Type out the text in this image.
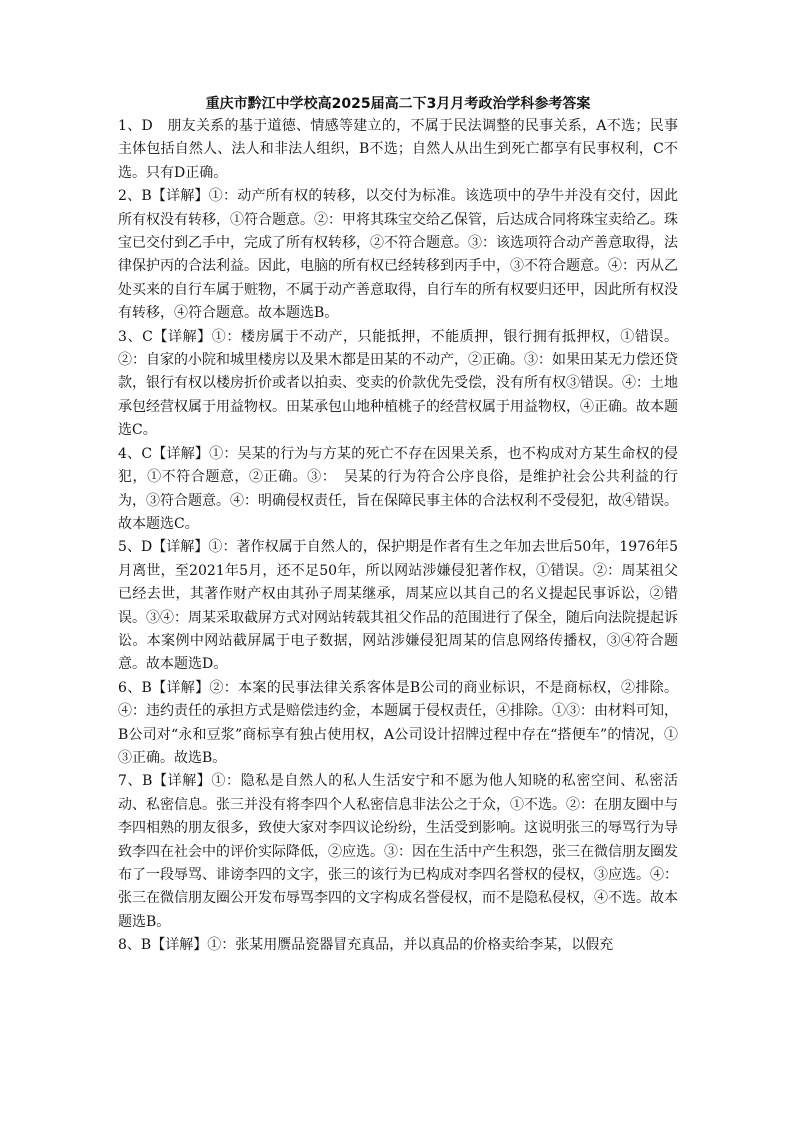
重庆市黔江中学校高2025届高二下3月月考政治学科参考答案

1、D　朋友关系的基于道德、情感等建立的，不属于民法调整的民事关系，A不选；民事主体包括自然人、法人和非法人组织，B不选；自然人从出生到死亡都享有民事权利，C不选。只有D正确。

2、B【详解】①：动产所有权的转移，以交付为标准。该选项中的孕牛并没有交付，因此所有权没有转移，①符合题意。②：甲将其珠宝交给乙保管，后达成合同将珠宝卖给乙。珠宝已交付到乙手中，完成了所有权转移，②不符合题意。③：该选项符合动产善意取得，法律保护丙的合法利益。因此，电脑的所有权已经转移到丙手中，③不符合题意。④：丙从乙处买来的自行车属于赃物，不属于动产善意取得，自行车的所有权要归还甲，因此所有权没有转移，④符合题意。故本题选B。

3、C【详解】①：楼房属于不动产，只能抵押，不能质押，银行拥有抵押权，①错误。②：自家的小院和城里楼房以及果木都是田某的不动产，②正确。③：如果田某无力偿还贷款，银行有权以楼房折价或者以拍卖、变卖的价款优先受偿，没有所有权③错误。④：土地承包经营权属于用益物权。田某承包山地种植桃子的经营权属于用益物权，④正确。故本题选C。

4、C【详解】①：吴某的行为与方某的死亡不存在因果关系，也不构成对方某生命权的侵犯，①不符合题意，②正确。③：　吴某的行为符合公序良俗，是维护社会公共利益的行为，③符合题意。④：明确侵权责任，旨在保障民事主体的合法权利不受侵犯，故④错误。故本题选C。

5、D【详解】①：著作权属于自然人的，保护期是作者有生之年加去世后50年，1976年5月离世，至2021年5月，还不足50年，所以网站涉嫌侵犯著作权，①错误。②：周某祖父已经去世，其著作财产权由其孙子周某继承，周某应以其自己的名义提起民事诉讼，②错误。③④：周某采取截屏方式对网站转载其祖父作品的范围进行了保全，随后向法院提起诉讼。本案例中网站截屏属于电子数据，网站涉嫌侵犯周某的信息网络传播权，③④符合题意。故本题选D。

6、B【详解】②：本案的民事法律关系客体是B公司的商业标识，不是商标权，②排除。④：违约责任的承担方式是赔偿违约金，本题属于侵权责任，④排除。①③：由材料可知，B公司对“永和豆浆”商标享有独占使用权，A公司设计招牌过程中存在“搭便车”的情况，①③正确。故选B。

7、B【详解】①：隐私是自然人的私人生活安宁和不愿为他人知晓的私密空间、私密活动、私密信息。张三并没有将李四个人私密信息非法公之于众，①不选。②：在朋友圈中与李四相熟的朋友很多，致使大家对李四议论纷纷，生活受到影响。这说明张三的辱骂行为导致李四在社会中的评价实际降低，②应选。③：因在生活中产生积怨，张三在微信朋友圈发布了一段辱骂、诽谤李四的文字，张三的该行为已构成对李四名誉权的侵权，③应选。④：张三在微信朋友圈公开发布辱骂李四的文字构成名誉侵权，而不是隐私侵权，④不选。故本题选B。

8、B【详解】①：张某用赝品瓷器冒充真品，并以真品的价格卖给李某，以假充
